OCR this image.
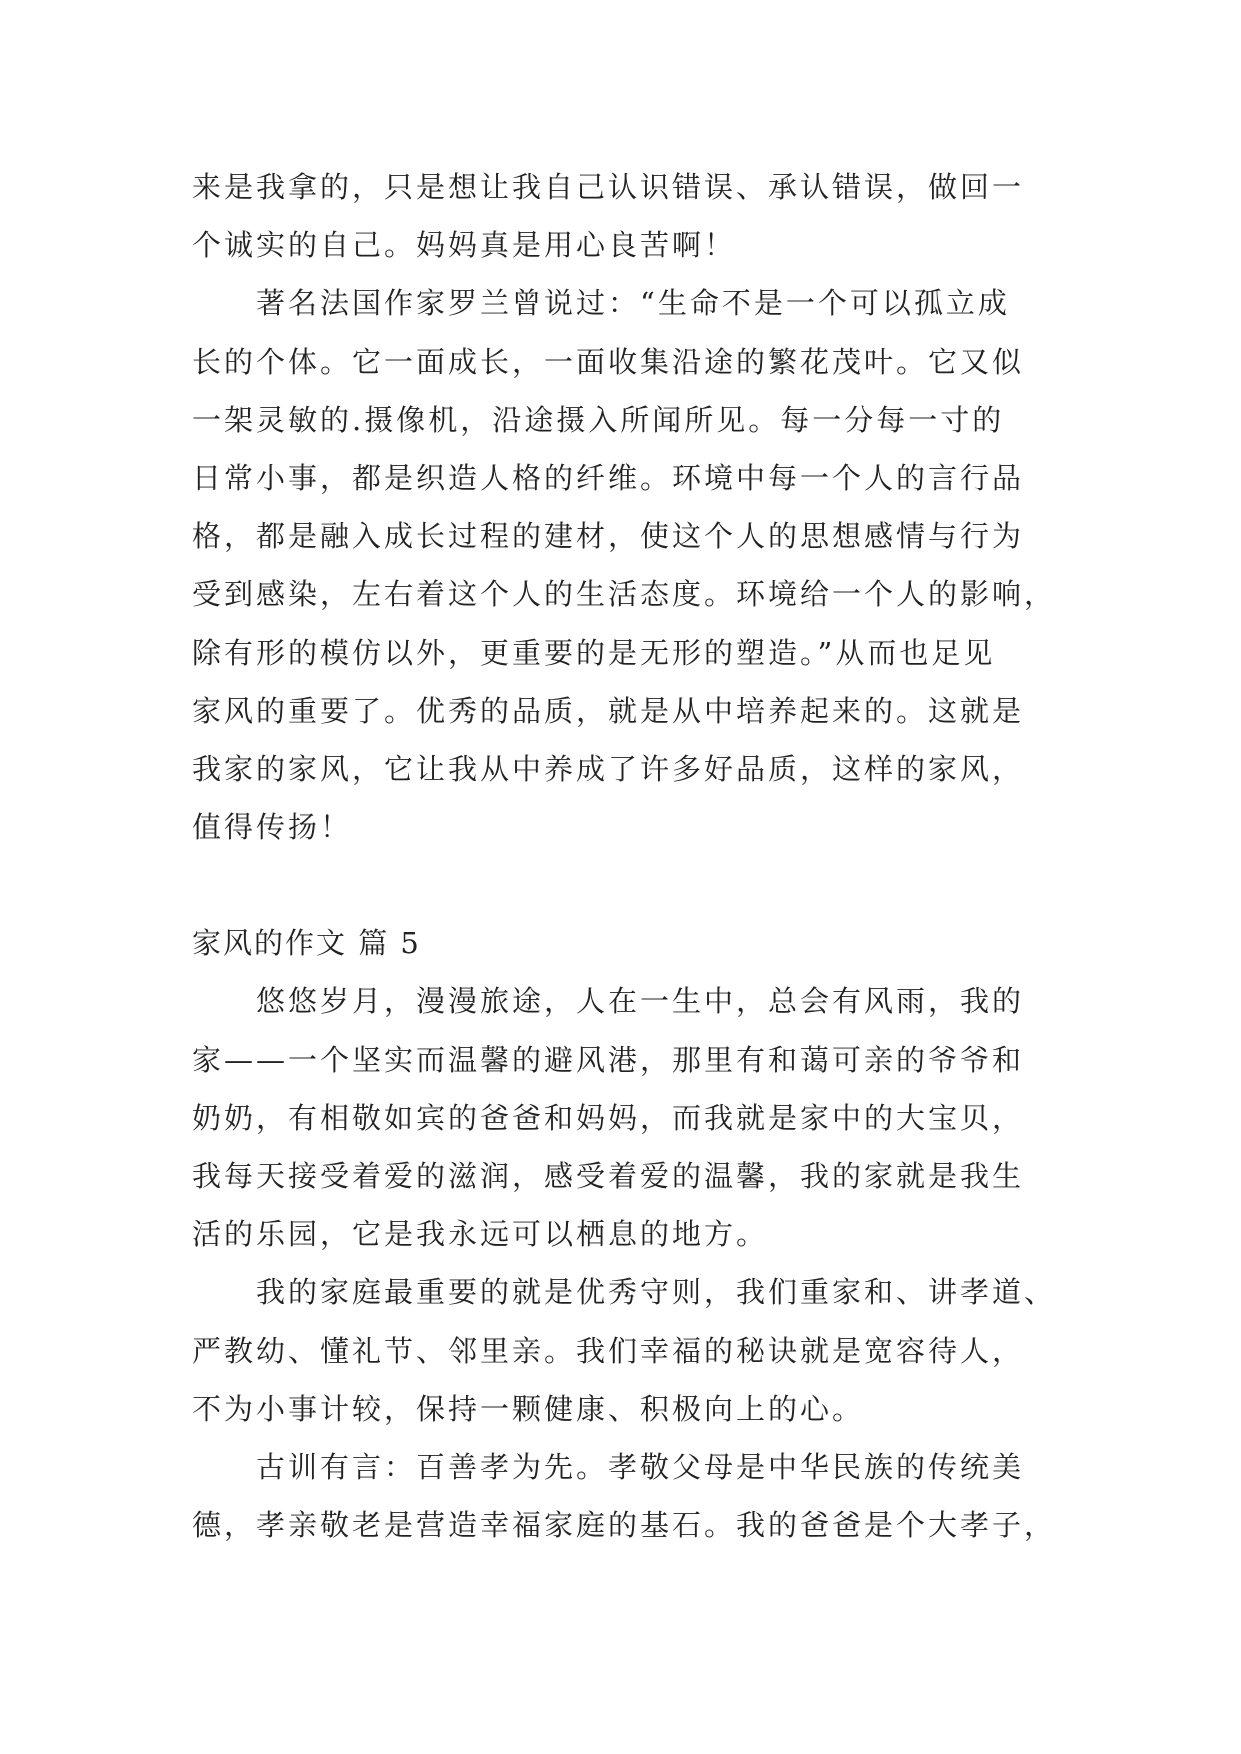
来是我拿的，只是想让我自己认识错误、承认错误，做回一
个诚实的自己。妈妈真是用心良苦啊！
　　著名法国作家罗兰曾说过：“生命不是一个可以孤立成
长的个体。它一面成长，一面收集沿途的繁花茂叶。它又似
一架灵敏的.摄像机，沿途摄入所闻所见。每一分每一寸的
日常小事，都是织造人格的纤维。环境中每一个人的言行品
格，都是融入成长过程的建材，使这个人的思想感情与行为
受到感染，左右着这个人的生活态度。环境给一个人的影响，
除有形的模仿以外，更重要的是无形的塑造。”从而也足见
家风的重要了。优秀的品质，就是从中培养起来的。这就是
我家的家风，它让我从中养成了许多好品质，这样的家风，
值得传扬！
家风的作文 篇 5
　　悠悠岁月，漫漫旅途，人在一生中，总会有风雨，我的
家——一个坚实而温馨的避风港，那里有和蔼可亲的爷爷和
奶奶，有相敬如宾的爸爸和妈妈，而我就是家中的大宝贝，
我每天接受着爱的滋润，感受着爱的温馨，我的家就是我生
活的乐园，它是我永远可以栖息的地方。
　　我的家庭最重要的就是优秀守则，我们重家和、讲孝道、
严教幼、懂礼节、邻里亲。我们幸福的秘诀就是宽容待人，
不为小事计较，保持一颗健康、积极向上的心。
　　古训有言：百善孝为先。孝敬父母是中华民族的传统美
德，孝亲敬老是营造幸福家庭的基石。我的爸爸是个大孝子，
